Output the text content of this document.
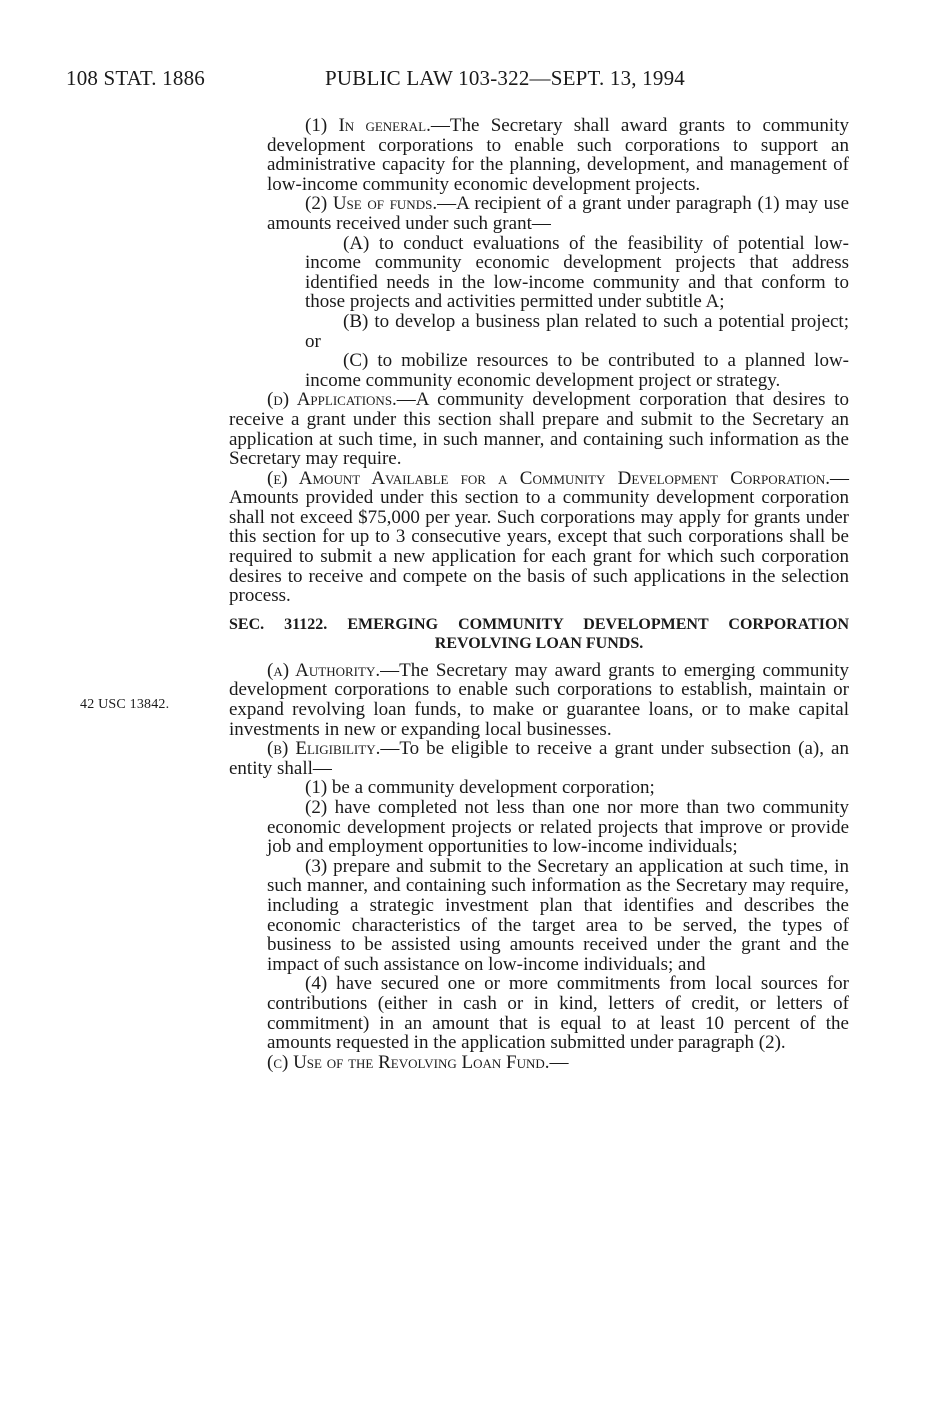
108 STAT. 1886	PUBLIC LAW 103-322—SEPT. 13, 1994
42 USC 13842.

(1) In general.—The Secretary shall award grants to community development corporations to enable such corporations to support an administrative capacity for the planning, development, and management of low-income community economic development projects.

(2) Use of funds.—A recipient of a grant under paragraph (1) may use amounts received under such grant—

(A) to conduct evaluations of the feasibility of potential low-income community economic development projects that address identified needs in the low-income community and that conform to those projects and activities permitted under subtitle A;

(B) to develop a business plan related to such a potential project; or

(C) to mobilize resources to be contributed to a planned low-income community economic development project or strategy.

(d) Applications.—A community development corporation that desires to receive a grant under this section shall prepare and submit to the Secretary an application at such time, in such manner, and containing such information as the Secretary may require.

(e) Amount Available for a Community Development Corporation.—Amounts provided under this section to a community development corporation shall not exceed $75,000 per year. Such corporations may apply for grants under this section for up to 3 consecutive years, except that such corporations shall be required to submit a new application for each grant for which such corporation desires to receive and compete on the basis of such applications in the selection process.

SEC. 31122. EMERGING COMMUNITY DEVELOPMENT CORPORATION
REVOLVING LOAN FUNDS.

(a) Authority.—The Secretary may award grants to emerging community development corporations to enable such corporations to establish, maintain or expand revolving loan funds, to make or guarantee loans, or to make capital investments in new or expanding local businesses.

(b) Eligibility.—To be eligible to receive a grant under subsection (a), an entity shall—

(1) be a community development corporation;

(2) have completed not less than one nor more than two community economic development projects or related projects that improve or provide job and employment opportunities to low-income individuals;

(3) prepare and submit to the Secretary an application at such time, in such manner, and containing such information as the Secretary may require, including a strategic investment plan that identifies and describes the economic characteristics of the target area to be served, the types of business to be assisted using amounts received under the grant and the impact of such assistance on low-income individuals; and

(4) have secured one or more commitments from local sources for contributions (either in cash or in kind, letters of credit, or letters of commitment) in an amount that is equal to at least 10 percent of the amounts requested in the application submitted under paragraph (2).

(c) Use of the Revolving Loan Fund.—
